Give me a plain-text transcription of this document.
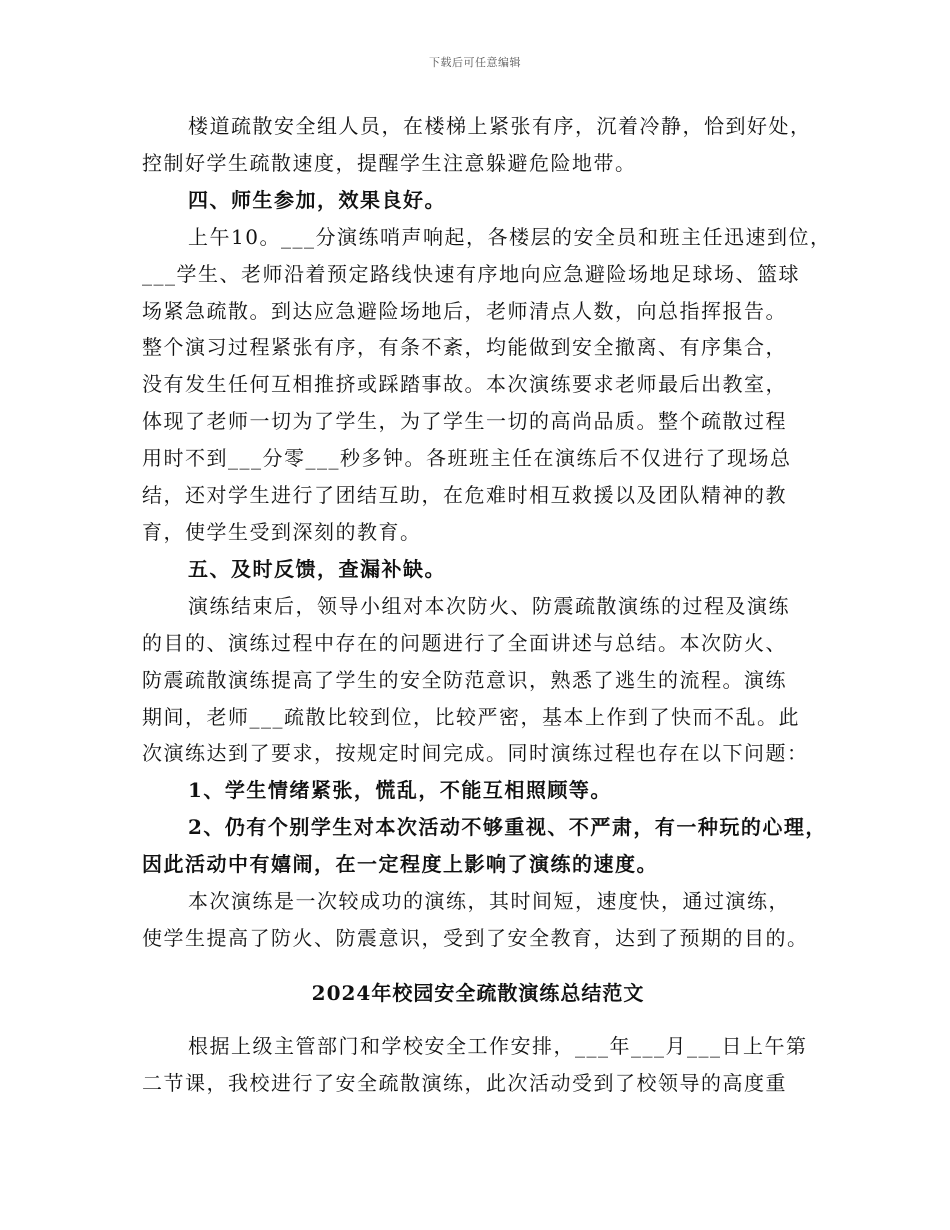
下载后可任意编辑

楼道疏散安全组人员，在楼梯上紧张有序，沉着冷静，恰到好处，

控制好学生疏散速度，提醒学生注意躲避危险地带。

四、师生参加，效果良好。

上午10。___分演练哨声响起，各楼层的安全员和班主任迅速到位，

___学生、老师沿着预定路线快速有序地向应急避险场地足球场、篮球

场紧急疏散。到达应急避险场地后，老师清点人数，向总指挥报告。

整个演习过程紧张有序，有条不紊，均能做到安全撤离、有序集合，

没有发生任何互相推挤或踩踏事故。本次演练要求老师最后出教室，

体现了老师一切为了学生，为了学生一切的高尚品质。整个疏散过程

用时不到___分零___秒多钟。各班班主任在演练后不仅进行了现场总

结，还对学生进行了团结互助，在危难时相互救援以及团队精神的教

育，使学生受到深刻的教育。

五、及时反馈，查漏补缺。

演练结束后，领导小组对本次防火、防震疏散演练的过程及演练

的目的、演练过程中存在的问题进行了全面讲述与总结。本次防火、

防震疏散演练提高了学生的安全防范意识，熟悉了逃生的流程。演练

期间，老师___疏散比较到位，比较严密，基本上作到了快而不乱。此

次演练达到了要求，按规定时间完成。同时演练过程也存在以下问题：

1、学生情绪紧张，慌乱，不能互相照顾等。

2、仍有个别学生对本次活动不够重视、不严肃，有一种玩的心理，

因此活动中有嬉闹，在一定程度上影响了演练的速度。

本次演练是一次较成功的演练，其时间短，速度快，通过演练，

使学生提高了防火、防震意识，受到了安全教育，达到了预期的目的。

2024年校园安全疏散演练总结范文

根据上级主管部门和学校安全工作安排，___年___月___日上午第

二节课，我校进行了安全疏散演练，此次活动受到了校领导的高度重
